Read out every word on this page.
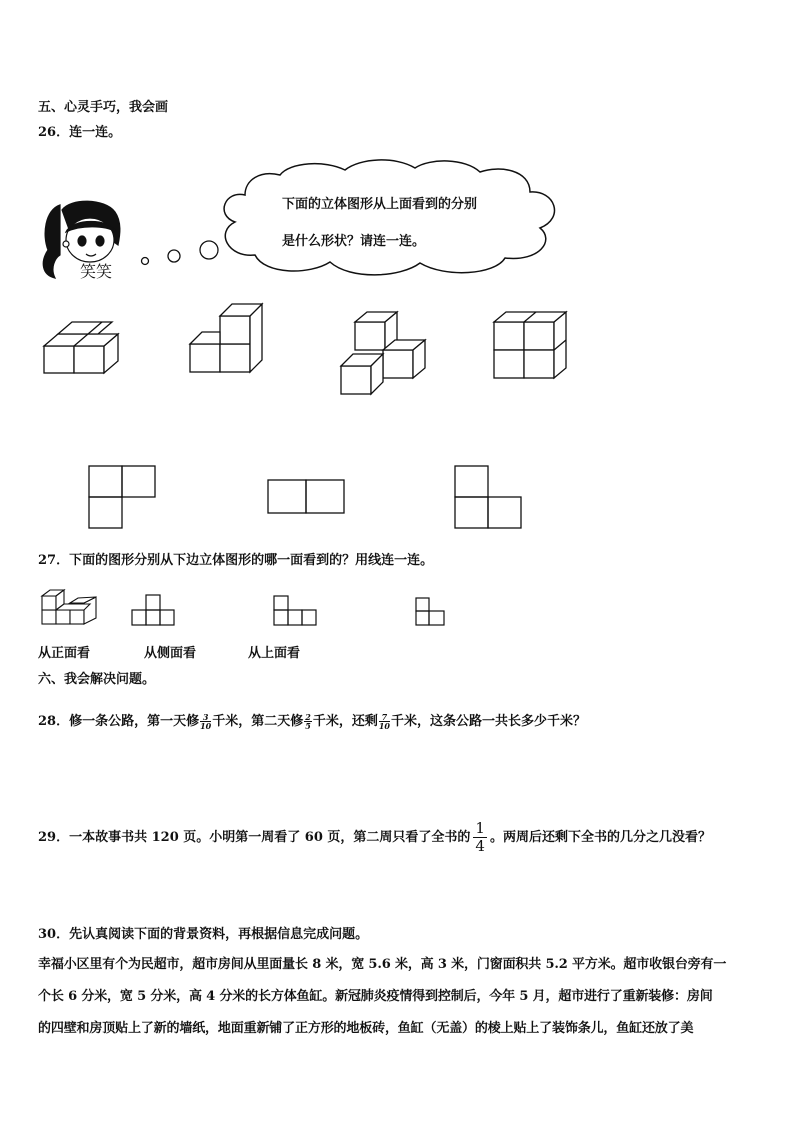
五、心灵手巧，我会画
26．连一连。
下面的立体图形从上面看到的分别
是什么形状？请连一连。
笑笑
27．下面的图形分别从下边立体图形的哪一面看到的？用线连一连。
从正面看	从侧面看	从上面看
六、我会解决问题。
28．修一条公路，第一天修 $\frac{3}{10}$ 千米，第二天修 $\frac{2}{5}$ 千米，还剩 $\frac{7}{10}$ 千米，这条公路一共长多少千米？
29．一本故事书共 120 页。小明第一周看了 60 页，第二周只看了全书的 $\frac{1}{4}$ 。两周后还剩下全书的几分之几没看？
30．先认真阅读下面的背景资料，再根据信息完成问题。
幸福小区里有个为民超市，超市房间从里面量长 8 米，宽 5.6 米，高 3 米，门窗面积共 5.2 平方米。超市收银台旁有一
个长 6 分米，宽 5 分米，高 4 分米的长方体鱼缸。新冠肺炎疫情得到控制后，今年 5 月，超市进行了重新装修：房间
的四壁和房顶贴上了新的墙纸，地面重新铺了正方形的地板砖，鱼缸（无盖）的棱上贴上了装饰条儿，鱼缸还放了美
